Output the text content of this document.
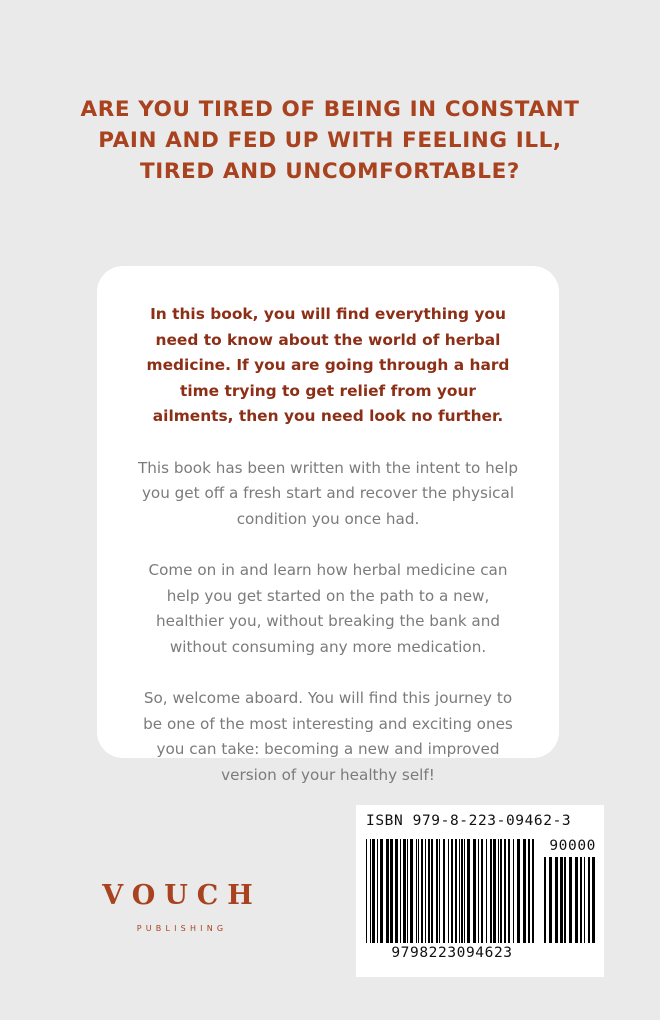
ARE YOU TIRED OF BEING IN CONSTANT
PAIN AND FED UP WITH FEELING ILL,
TIRED AND UNCOMFORTABLE?

In this book, you will find everything you need to know about the world of herbal medicine. If you are going through a hard time trying to get relief from your ailments, then you need look no further.

This book has been written with the intent to help you get off a fresh start and recover the physical condition you once had.

Come on in and learn how herbal medicine can help you get started on the path to a new, healthier you, without breaking the bank and without consuming any more medication.

So, welcome aboard. You will find this journey to be one of the most interesting and exciting ones you can take: becoming a new and improved version of your healthy self!

VOUCH
PUBLISHING
ISBN 979-8-223-09462-3
90000
9798223094623
